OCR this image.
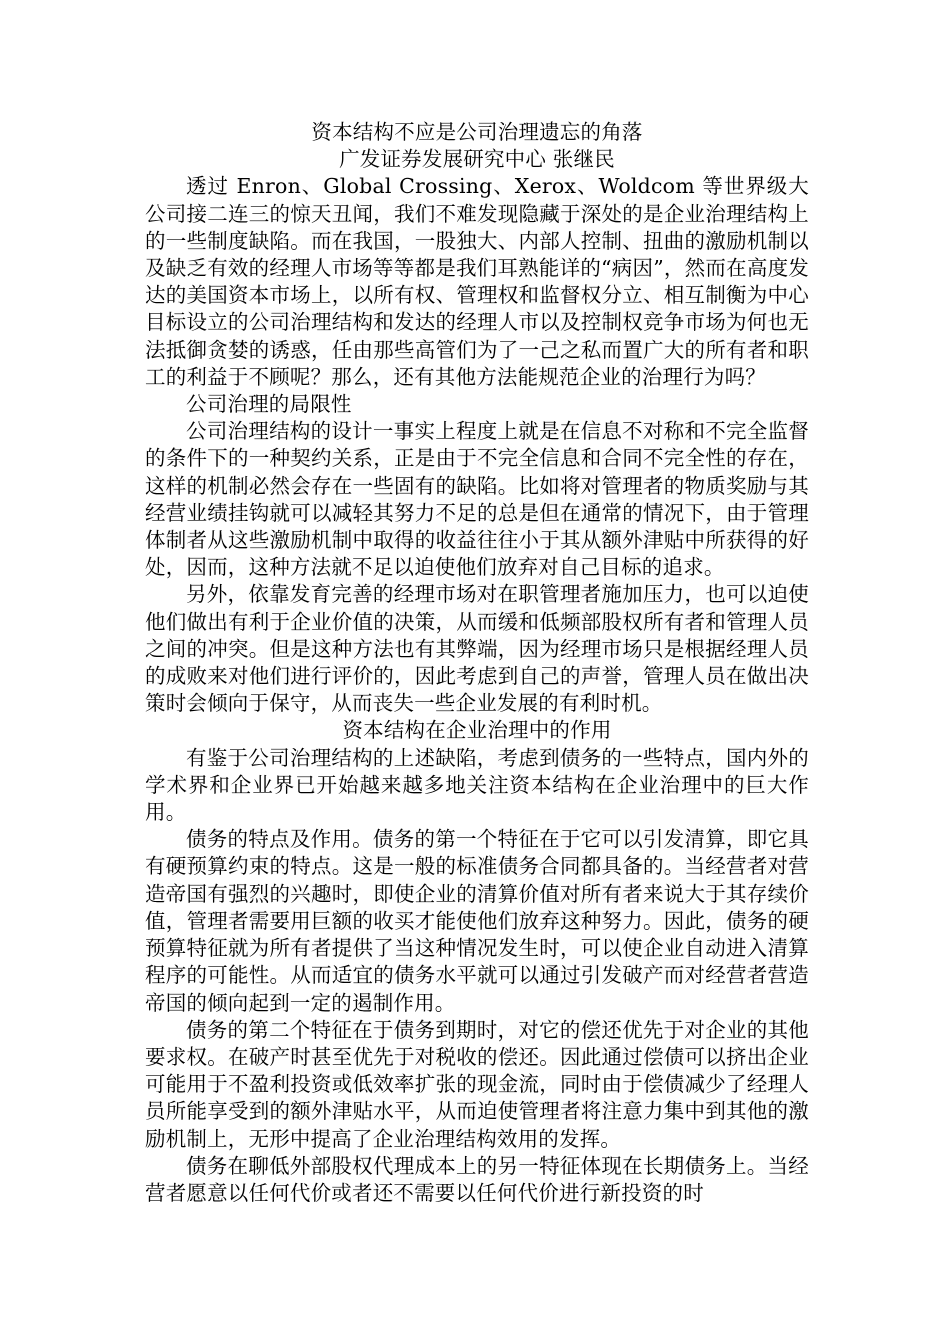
资本结构不应是公司治理遗忘的角落

广发证券发展研究中心 张继民

透过 Enron、Global Crossing、Xerox、Woldcom 等世界级大公司接二连三的惊天丑闻，我们不难发现隐藏于深处的是企业治理结构上的一些制度缺陷。而在我国，一股独大、内部人控制、扭曲的激励机制以及缺乏有效的经理人市场等等都是我们耳熟能详的“病因”，然而在高度发达的美国资本市场上，以所有权、管理权和监督权分立、相互制衡为中心目标设立的公司治理结构和发达的经理人市以及控制权竞争市场为何也无法抵御贪婪的诱惑，任由那些高管们为了一己之私而置广大的所有者和职工的利益于不顾呢？那么，还有其他方法能规范企业的治理行为吗？

公司治理的局限性

公司治理结构的设计一事实上程度上就是在信息不对称和不完全监督的条件下的一种契约关系，正是由于不完全信息和合同不完全性的存在，这样的机制必然会存在一些固有的缺陷。比如将对管理者的物质奖励与其经营业绩挂钩就可以减轻其努力不足的总是但在通常的情况下，由于管理体制者从这些激励机制中取得的收益往往小于其从额外津贴中所获得的好处，因而，这种方法就不足以迫使他们放弃对自己目标的追求。

另外，依靠发育完善的经理市场对在职管理者施加压力，也可以迫使他们做出有利于企业价值的决策，从而缓和低频部股权所有者和管理人员之间的冲突。但是这种方法也有其弊端，因为经理市场只是根据经理人员的成败来对他们进行评价的，因此考虑到自己的声誉，管理人员在做出决策时会倾向于保守，从而丧失一些企业发展的有利时机。

资本结构在企业治理中的作用

有鉴于公司治理结构的上述缺陷，考虑到债务的一些特点，国内外的学术界和企业界已开始越来越多地关注资本结构在企业治理中的巨大作用。

债务的特点及作用。债务的第一个特征在于它可以引发清算，即它具有硬预算约束的特点。这是一般的标准债务合同都具备的。当经营者对营造帝国有强烈的兴趣时，即使企业的清算价值对所有者来说大于其存续价值，管理者需要用巨额的收买才能使他们放弃这种努力。因此，债务的硬预算特征就为所有者提供了当这种情况发生时，可以使企业自动进入清算程序的可能性。从而适宜的债务水平就可以通过引发破产而对经营者营造帝国的倾向起到一定的遏制作用。

债务的第二个特征在于债务到期时，对它的偿还优先于对企业的其他要求权。在破产时甚至优先于对税收的偿还。因此通过偿债可以挤出企业可能用于不盈利投资或低效率扩张的现金流，同时由于偿债减少了经理人员所能享受到的额外津贴水平，从而迫使管理者将注意力集中到其他的激励机制上，无形中提高了企业治理结构效用的发挥。

债务在聊低外部股权代理成本上的另一特征体现在长期债务上。当经营者愿意以任何代价或者还不需要以任何代价进行新投资的时
